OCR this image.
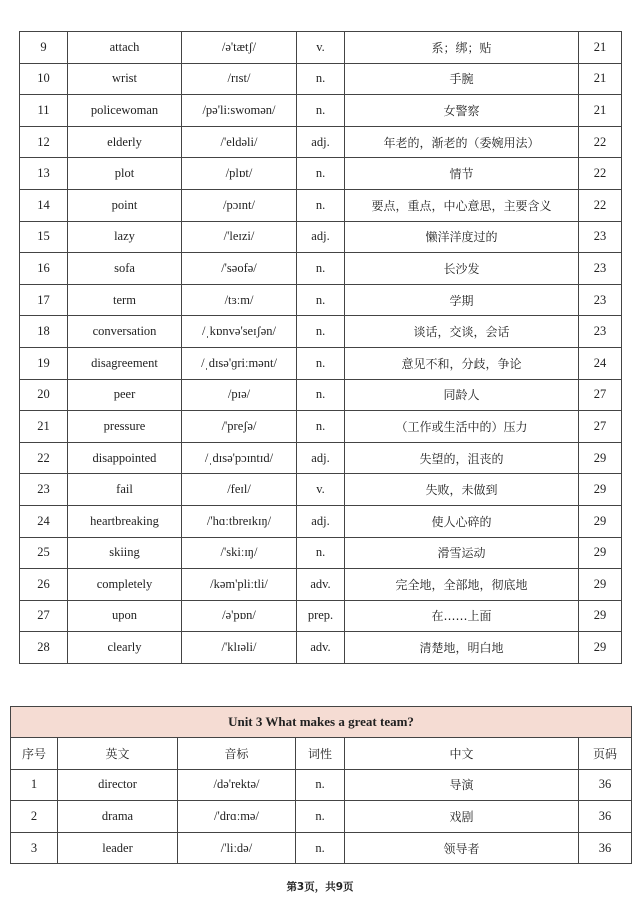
9	attach	/ə'tætʃ/	v.	系；绑；贴	21
10	wrist	/rɪst/	n.	手腕	21
11	policewoman	/pə'li:swomən/	n.	女警察	21
12	elderly	/'eldəli/	adj.	年老的，渐老的（委婉用法）	22
13	plot	/plɒt/	n.	情节	22
14	point	/pɔɪnt/	n.	要点，重点，中心意思，主要含义	22
15	lazy	/'leɪzi/	adj.	懒洋洋度过的	23
16	sofa	/'səofə/	n.	长沙发	23
17	term	/tɜːm/	n.	学期	23
18	conversation	/ˌkɒnvə'seɪʃən/	n.	谈话，交谈，会话	23
19	disagreement	/ˌdɪsə'ɡriːmənt/	n.	意见不和，分歧，争论	24
20	peer	/pɪə/	n.	同龄人	27
21	pressure	/'preʃə/	n.	（工作或生活中的）压力	27
22	disappointed	/ˌdɪsə'pɔɪntɪd/	adj.	失望的，沮丧的	29
23	fail	/feɪl/	v.	失败，未做到	29
24	heartbreaking	/'hɑːtbreɪkɪŋ/	adj.	使人心碎的	29
25	skiing	/'skiːɪŋ/	n.	滑雪运动	29
26	completely	/kəm'pliːtli/	adv.	完全地，全部地，彻底地	29
27	upon	/ə'pɒn/	prep.	在……上面	29
28	clearly	/'klɪəli/	adv.	清楚地，明白地	29
Unit 3 What makes a great team?					
序号	英文	音标	词性	中文	页码
1	director	/də'rektə/	n.	导演	36
2	drama	/'drɑːmə/	n.	戏剧	36
3	leader	/'liːdə/	n.	领导者	36
第3页，共9页
